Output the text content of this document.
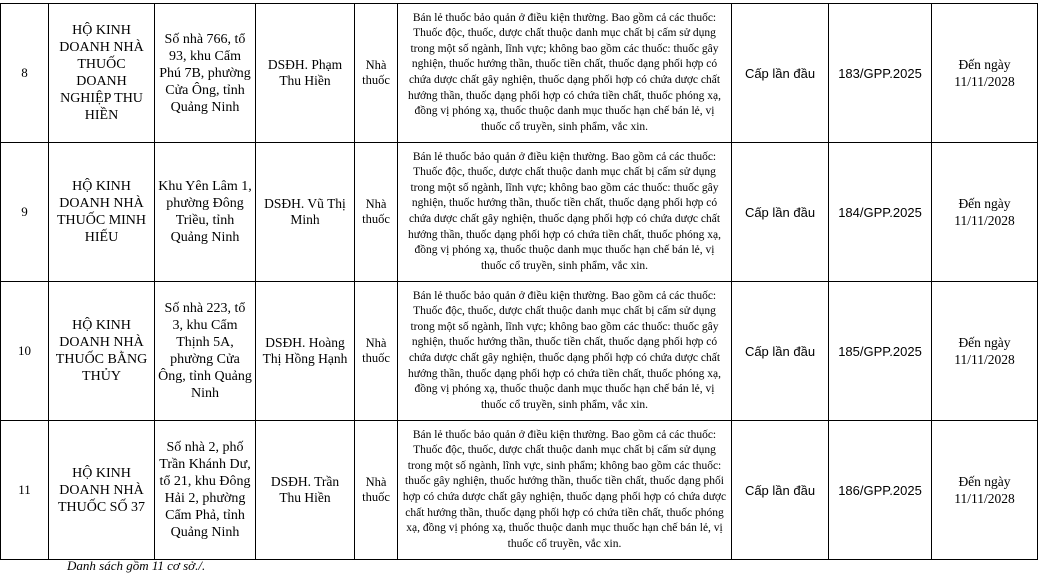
8	HỘ KINH DOANH NHÀ THUỐC DOANH NGHIỆP THU HIỀN	Số nhà 766, tổ 93, khu Cẩm Phú 7B, phường Cửa Ông, tỉnh Quảng Ninh	DSĐH. Phạm Thu Hiền	Nhà thuốc	Bán lẻ thuốc bảo quản ở điều kiện thường. Bao gồm cả các thuốc: Thuốc độc, thuốc, dược chất thuộc danh mục chất bị cấm sử dụng trong một số ngành, lĩnh vực; không bao gồm các thuốc: thuốc gây nghiện, thuốc hướng thần, thuốc tiền chất, thuốc dạng phối hợp có chứa dược chất gây nghiện, thuốc dạng phối hợp có chứa dược chất hướng thần, thuốc dạng phối hợp có chứa tiền chất, thuốc phóng xạ, đồng vị phóng xạ, thuốc thuộc danh mục thuốc hạn chế bán lẻ, vị thuốc cổ truyền, sinh phẩm, vắc xin.	Cấp lần đầu	183/GPP.2025	Đến ngày 11/11/2028
9	HỘ KINH DOANH NHÀ THUỐC MINH HIẾU	Khu Yên Lâm 1, phường Đông Triều, tỉnh Quảng Ninh	DSĐH. Vũ Thị Minh	Nhà thuốc	Bán lẻ thuốc bảo quản ở điều kiện thường. Bao gồm cả các thuốc: Thuốc độc, thuốc, dược chất thuộc danh mục chất bị cấm sử dụng trong một số ngành, lĩnh vực; không bao gồm các thuốc: thuốc gây nghiện, thuốc hướng thần, thuốc tiền chất, thuốc dạng phối hợp có chứa dược chất gây nghiện, thuốc dạng phối hợp có chứa dược chất hướng thần, thuốc dạng phối hợp có chứa tiền chất, thuốc phóng xạ, đồng vị phóng xạ, thuốc thuộc danh mục thuốc hạn chế bán lẻ, vị thuốc cổ truyền, sinh phẩm, vắc xin.	Cấp lần đầu	184/GPP.2025	Đến ngày 11/11/2028
10	HỘ KINH DOANH NHÀ THUỐC BẰNG THỦY	Số nhà 223, tổ 3, khu Cẩm Thịnh 5A, phường Cửa Ông, tỉnh Quảng Ninh	DSĐH. Hoàng Thị Hồng Hạnh	Nhà thuốc	Bán lẻ thuốc bảo quản ở điều kiện thường. Bao gồm cả các thuốc: Thuốc độc, thuốc, dược chất thuộc danh mục chất bị cấm sử dụng trong một số ngành, lĩnh vực; không bao gồm các thuốc: thuốc gây nghiện, thuốc hướng thần, thuốc tiền chất, thuốc dạng phối hợp có chứa dược chất gây nghiện, thuốc dạng phối hợp có chứa dược chất hướng thần, thuốc dạng phối hợp có chứa tiền chất, thuốc phóng xạ, đồng vị phóng xạ, thuốc thuộc danh mục thuốc hạn chế bán lẻ, vị thuốc cổ truyền, sinh phẩm, vắc xin.	Cấp lần đầu	185/GPP.2025	Đến ngày 11/11/2028
11	HỘ KINH DOANH NHÀ THUỐC SỐ 37	Số nhà 2, phố Trần Khánh Dư, tổ 21, khu Đông Hải 2, phường Cẩm Phả, tỉnh Quảng Ninh	DSĐH. Trần Thu Hiền	Nhà thuốc	Bán lẻ thuốc bảo quản ở điều kiện thường. Bao gồm cả các thuốc: Thuốc độc, thuốc, dược chất thuộc danh mục chất bị cấm sử dụng trong một số ngành, lĩnh vực, sinh phẩm; không bao gồm các thuốc: thuốc gây nghiện, thuốc hướng thần, thuốc tiền chất, thuốc dạng phối hợp có chứa dược chất gây nghiện, thuốc dạng phối hợp có chứa dược chất hướng thần, thuốc dạng phối hợp có chứa tiền chất, thuốc phóng xạ, đồng vị phóng xạ, thuốc thuộc danh mục thuốc hạn chế bán lẻ, vị thuốc cổ truyền, vắc xin.	Cấp lần đầu	186/GPP.2025	Đến ngày 11/11/2028
Danh sách gồm 11 cơ sở./.
